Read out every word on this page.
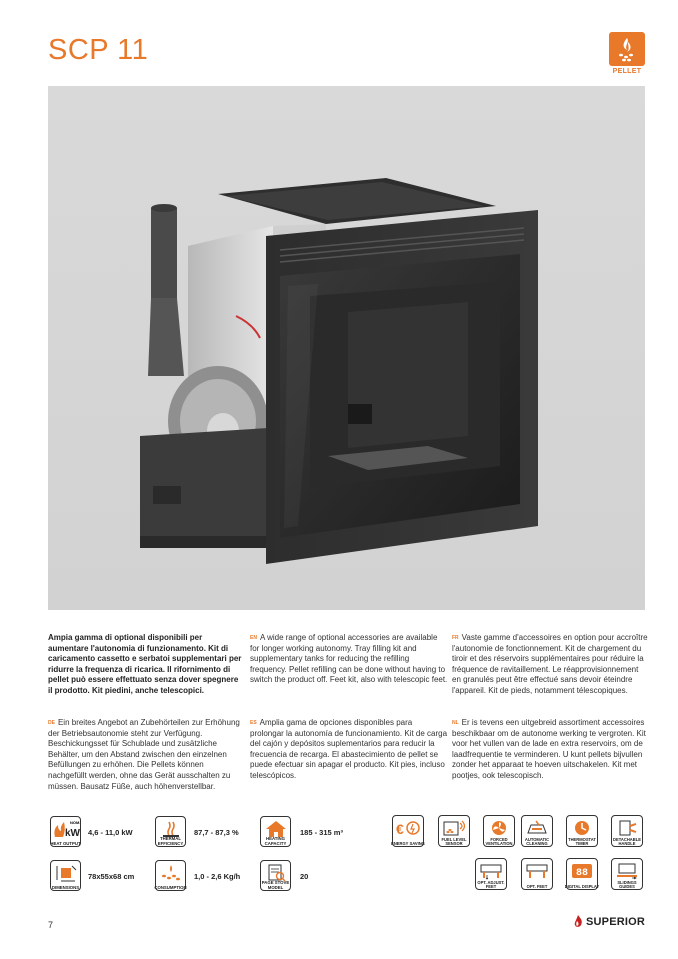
SCP 11
PELLET
Ampia gamma di optional disponibili per aumentare l'autonomia di funzionamento. Kit di caricamento cassetto e serbatoi supplementari per ridurre la frequenza di ricarica. Il rifornimento di pellet può essere effettuato senza dover spegnere il prodotto. Kit piedini, anche telescopici.
$^{EN}$ A wide range of optional accessories are available for longer working autonomy. Tray filling kit and supplementary tanks for reducing the refilling frequency. Pellet refilling can be done without having to switch the product off. Feet kit, also with telescopic feet.
$^{FR}$ Vaste gamme d'accessoires en option pour accroître l'autonomie de fonctionnement. Kit de chargement du tiroir et des réservoirs supplémentaires pour réduire la fréquence de ravitaillement. Le réapprovisionnement en granulés peut être effectué sans devoir éteindre l'appareil. Kit de pieds, notamment télescopiques.
$^{DE}$ Ein breites Angebot an Zubehörteilen zur Erhöhung der Betriebsautonomie steht zur Verfügung. Beschickungsset für Schublade und zusätzliche Behälter, um den Abstand zwischen den einzelnen Befüllungen zu erhöhen. Die Pellets können nachgefüllt werden, ohne das Gerät ausschalten zu müssen. Bausatz Füße, auch höhenverstellbar.
$^{ES}$ Amplia gama de opciones disponibles para prolongar la autonomía de funcionamiento. Kit de carga del cajón y depósitos suplementarios para reducir la frecuencia de recarga. El abastecimiento de pellet se puede efectuar sin apagar el producto. Kit pies, incluso telescópicos.
$^{NL}$ Er is tevens een uitgebreid assortiment accessoires beschikbaar om de autonome werking te vergroten. Kit voor het vullen van de lade en extra reservoirs, om de laadfrequentie te verminderen. U kunt pellets bijvullen zonder het apparaat te hoeven uitschakelen. Kit met pootjes, ook telescopisch.
NOM.
kW
HEAT OUTPUT
4,6 - 11,0 kW
THERMAL EFFICIENCY
87,7 - 87,3 %
HEATING CAPACITY
185 - 315 m³
DIMENSIONS
78x55x68 cm
CONSUMPTION
1,0 - 2,6 Kg/h
PAGE STOVE MODEL
20
€
ENERGY SAVING
FUEL LEVEL SENSOR
FORCED VENTILATION
AUTOMATIC CLEANING
THERMOSTAT TIMER
DETACHABLE HANDLE
OPT. ADJUST. FEET	OPT. FEET
88
DIGITAL DISPLAY
SLIDINGS GUIDES
7	SUPERIOR
